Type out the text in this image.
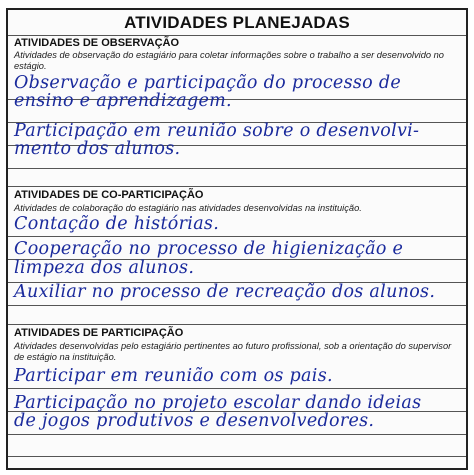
ATIVIDADES PLANEJADAS
ATIVIDADES DE OBSERVAÇÃO
Atividades de observação do estagiário para coletar informações sobre o trabalho a ser desenvolvido no estágio.
Observação e participação do processo de
ensino e aprendizagem.
Participação em reunião sobre o desenvolvi-
mento dos alunos.
ATIVIDADES DE CO-PARTICIPAÇÃO
Atividades de colaboração do estagiário nas atividades desenvolvidas na instituição.
Contação de histórias.
Cooperação no processo de higienização e
limpeza dos alunos.
Auxiliar no processo de recreação dos alunos.
ATIVIDADES DE PARTICIPAÇÃO
Atividades desenvolvidas pelo estagiário pertinentes ao futuro profissional, sob a orientação do supervisor de estágio na instituição.
Participar em reunião com os pais.
Participação no projeto escolar dando ideias
de jogos produtivos e desenvolvedores.
